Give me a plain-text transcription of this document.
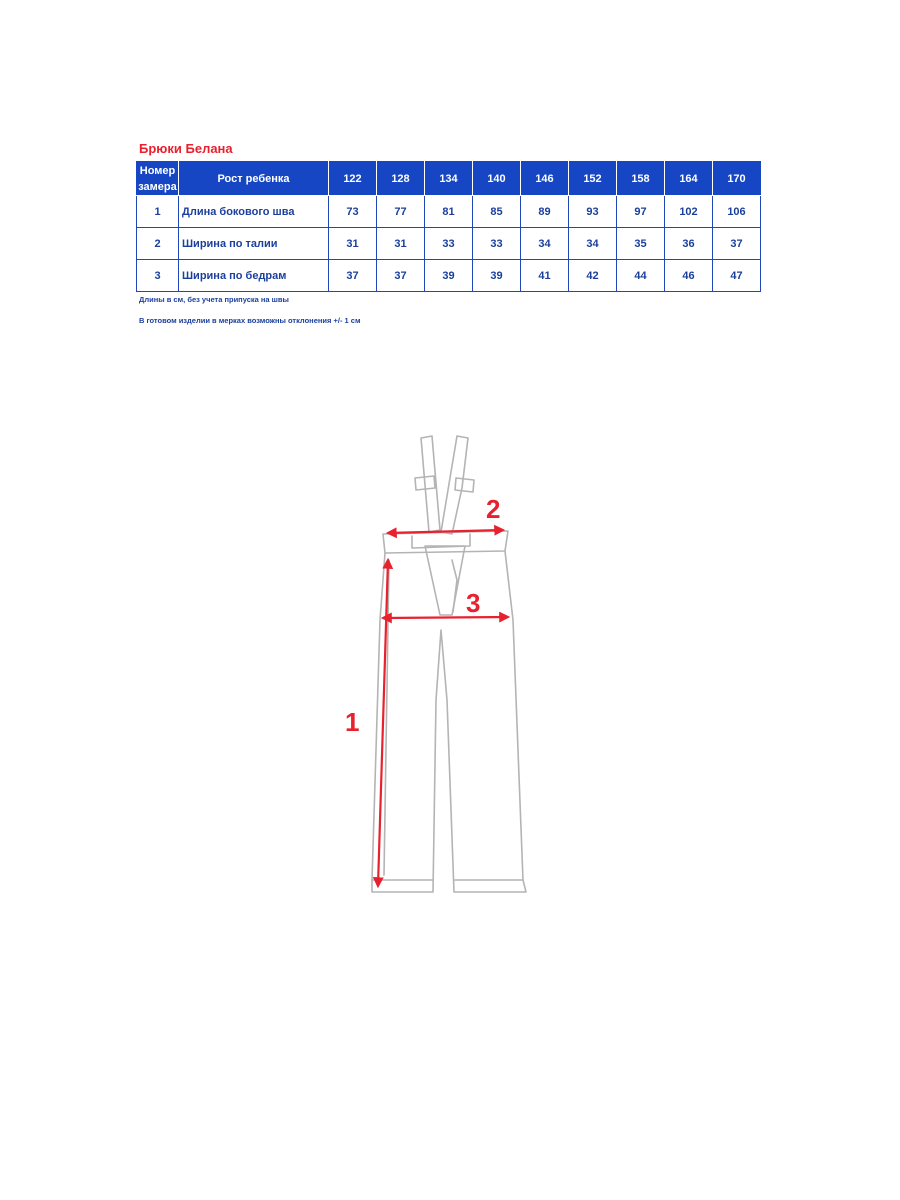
Брюки Белана
Номер
замера	Рост ребенка	122	128	134	140	146	152	158	164	170
1	Длина бокового шва	73	77	81	85	89	93	97	102	106
2	Ширина по талии	31	31	33	33	34	34	35	36	37
3	Ширина по бедрам	37	37	39	39	41	42	44	46	47
Длины в см, без учета припуска на швы
В готовом изделии в мерках возможны отклонения +/- 1 см
1
2
3
